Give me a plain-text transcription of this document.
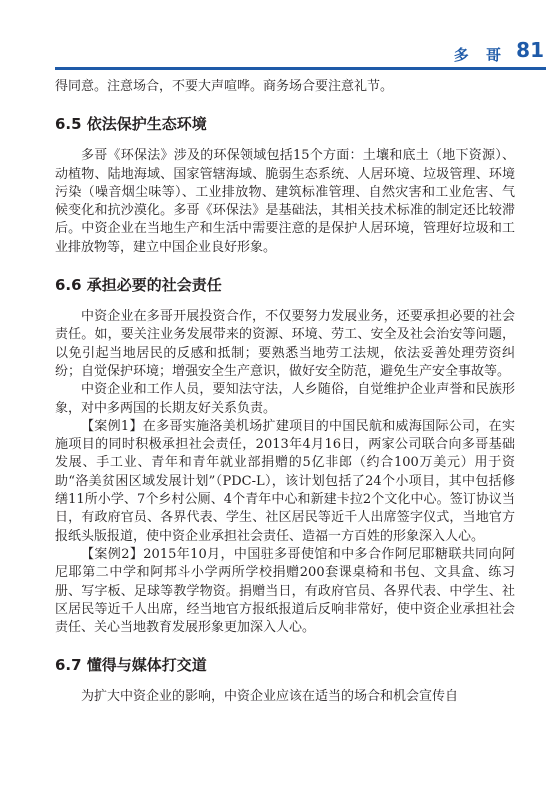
多 哥 81

得同意。注意场合，不要大声喧哗。商务场合要注意礼节。

6.5 依法保护生态环境

多哥《环保法》涉及的环保领域包括15个方面：土壤和底土（地下资源）、动植物、陆地海域、国家管辖海域、脆弱生态系统、人居环境、垃圾管理、环境污染（噪音烟尘味等）、工业排放物、建筑标准管理、自然灾害和工业危害、气候变化和抗沙漠化。多哥《环保法》是基础法，其相关技术标准的制定还比较滞后。中资企业在当地生产和生活中需要注意的是保护人居环境，管理好垃圾和工业排放物等，建立中国企业良好形象。

6.6 承担必要的社会责任

中资企业在多哥开展投资合作，不仅要努力发展业务，还要承担必要的社会责任。如，要关注业务发展带来的资源、环境、劳工、安全及社会治安等问题，以免引起当地居民的反感和抵制；要熟悉当地劳工法规，依法妥善处理劳资纠纷；自觉保护环境；增强安全生产意识，做好安全防范，避免生产安全事故等。

中资企业和工作人员，要知法守法，人乡随俗，自觉维护企业声誉和民族形象，对中多两国的长期友好关系负责。

【案例1】在多哥实施洛美机场扩建项目的中国民航和威海国际公司，在实施项目的同时积极承担社会责任，2013年4月16日，两家公司联合向多哥基础发展、手工业、青年和青年就业部捐赠的5亿非郎（约合100万美元）用于资助“洛美贫困区域发展计划”（PDC-L），该计划包括了24个小项目，其中包括修缮11所小学、7个乡村公厕、4个青年中心和新建卡拉2个文化中心。签订协议当日，有政府官员、各界代表、学生、社区居民等近千人出席签字仪式，当地官方报纸头版报道，使中资企业承担社会责任、造福一方百姓的形象深入人心。

【案例2】2015年10月，中国驻多哥使馆和中多合作阿尼耶糖联共同向阿尼耶第二中学和阿邦斗小学两所学校捐赠200套课桌椅和书包、文具盒、练习册、写字板、足球等教学物资。捐赠当日，有政府官员、各界代表、中学生、社区居民等近千人出席，经当地官方报纸报道后反响非常好，使中资企业承担社会责任、关心当地教育发展形象更加深入人心。

6.7 懂得与媒体打交道

为扩大中资企业的影响，中资企业应该在适当的场合和机会宣传自
